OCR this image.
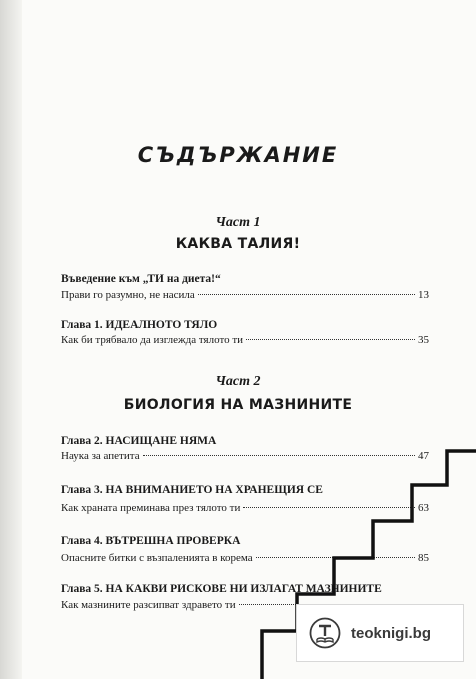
СЪДЪРЖАНИЕ
Част 1
КАКВА ТАЛИЯ!
Въведение към „ТИ на диета!“
Прави го разумно, не насила	13
Глава 1. ИДЕАЛНОТО ТЯЛО
Как би трябвало да изглежда тялото ти	35
Част 2
БИОЛОГИЯ НА МАЗНИНИТЕ
Глава 2. НАСИЩАНЕ НЯМА
Наука за апетита	47
Глава 3. НА ВНИМАНИЕТО НА ХРАНЕЩИЯ СЕ
Как храната преминава през тялото ти	63
Глава 4. ВЪТРЕШНА ПРОВЕРКА
Опасните битки с възпаленията в корема	85
Глава 5. НА КАКВИ РИСКОВЕ НИ ИЗЛАГАТ МАЗНИНИТЕ
Как мазнините разсипват здравето ти
teoknigi.bg
